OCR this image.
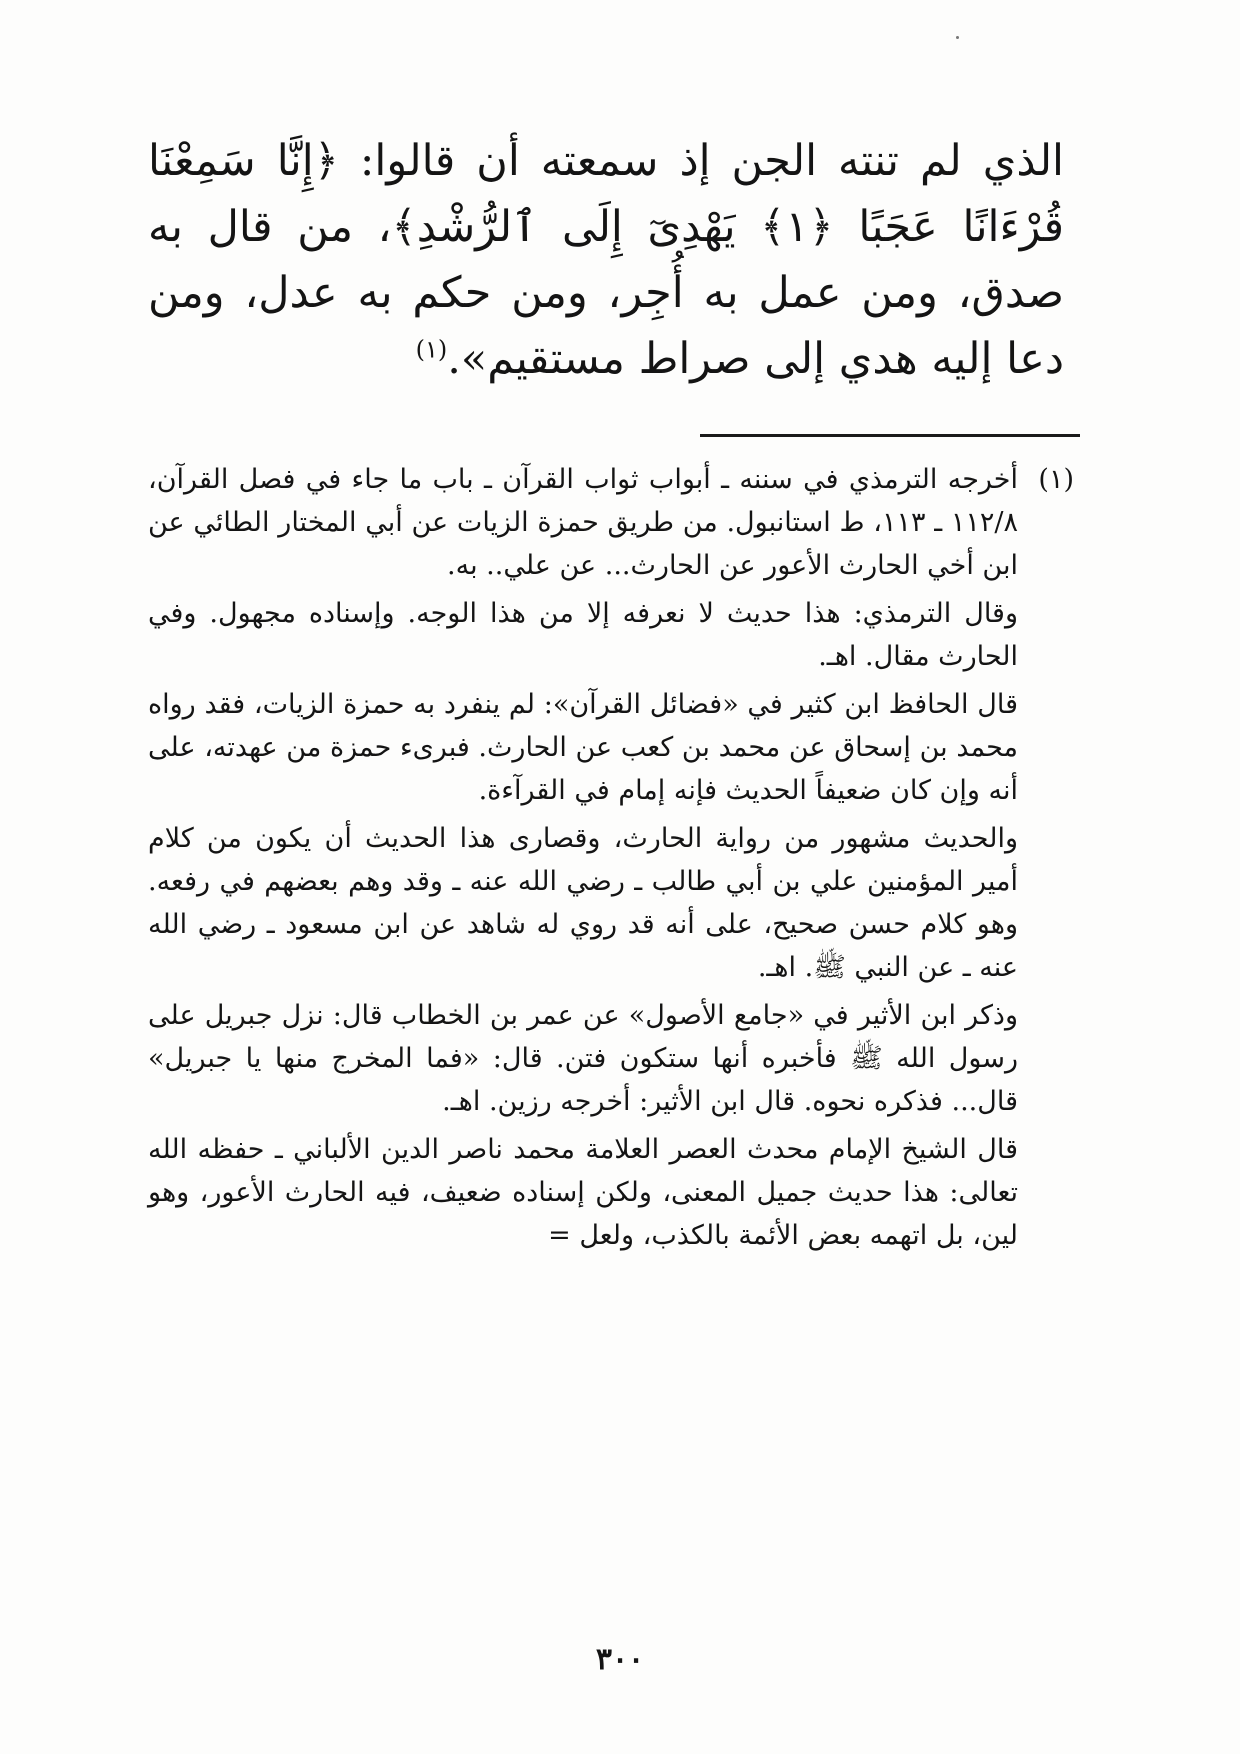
الذي لم تنته الجن إذ سمعته أن قالوا: ﴿إِنَّا سَمِعْنَا قُرْءَانًا عَجَبًا ﴿١﴾ يَهْدِىٓ إِلَى ٱلرُّشْدِ﴾، من قال به صدق، ومن عمل به أُجِر، ومن حكم به عدل، ومن دعا إليه هدي إلى صراط مستقيم».$^{(١)}$

(١)

أخرجه الترمذي في سننه ـ أبواب ثواب القرآن ـ باب ما جاء في فصل القرآن، ١١٢/٨ ـ ١١٣، ط استانبول. من طريق حمزة الزيات عن أبي المختار الطائي عن ابن أخي الحارث الأعور عن الحارث... عن علي.. به.

وقال الترمذي: هذا حديث لا نعرفه إلا من هذا الوجه. وإسناده مجهول. وفي الحارث مقال. اهـ.

قال الحافظ ابن كثير في «فضائل القرآن»: لم ينفرد به حمزة الزيات، فقد رواه محمد بن إسحاق عن محمد بن كعب عن الحارث. فبرىء حمزة من عهدته، على أنه وإن كان ضعيفاً الحديث فإنه إمام في القرآءة.

والحديث مشهور من رواية الحارث، وقصارى هذا الحديث أن يكون من كلام أمير المؤمنين علي بن أبي طالب ـ رضي الله عنه ـ وقد وهم بعضهم في رفعه. وهو كلام حسن صحيح، على أنه قد روي له شاهد عن ابن مسعود ـ رضي الله عنه ـ عن النبي ﷺ. اهـ.

وذكر ابن الأثير في «جامع الأصول» عن عمر بن الخطاب قال: نزل جبريل على رسول الله ﷺ فأخبره أنها ستكون فتن. قال: «فما المخرج منها يا جبريل» قال... فذكره نحوه. قال ابن الأثير: أخرجه رزين. اهـ.

قال الشيخ الإمام محدث العصر العلامة محمد ناصر الدين الألباني ـ حفظه الله تعالى: هذا حديث جميل المعنى، ولكن إسناده ضعيف، فيه الحارث الأعور، وهو لين، بل اتهمه بعض الأئمة بالكذب، ولعل =

٣٠٠
